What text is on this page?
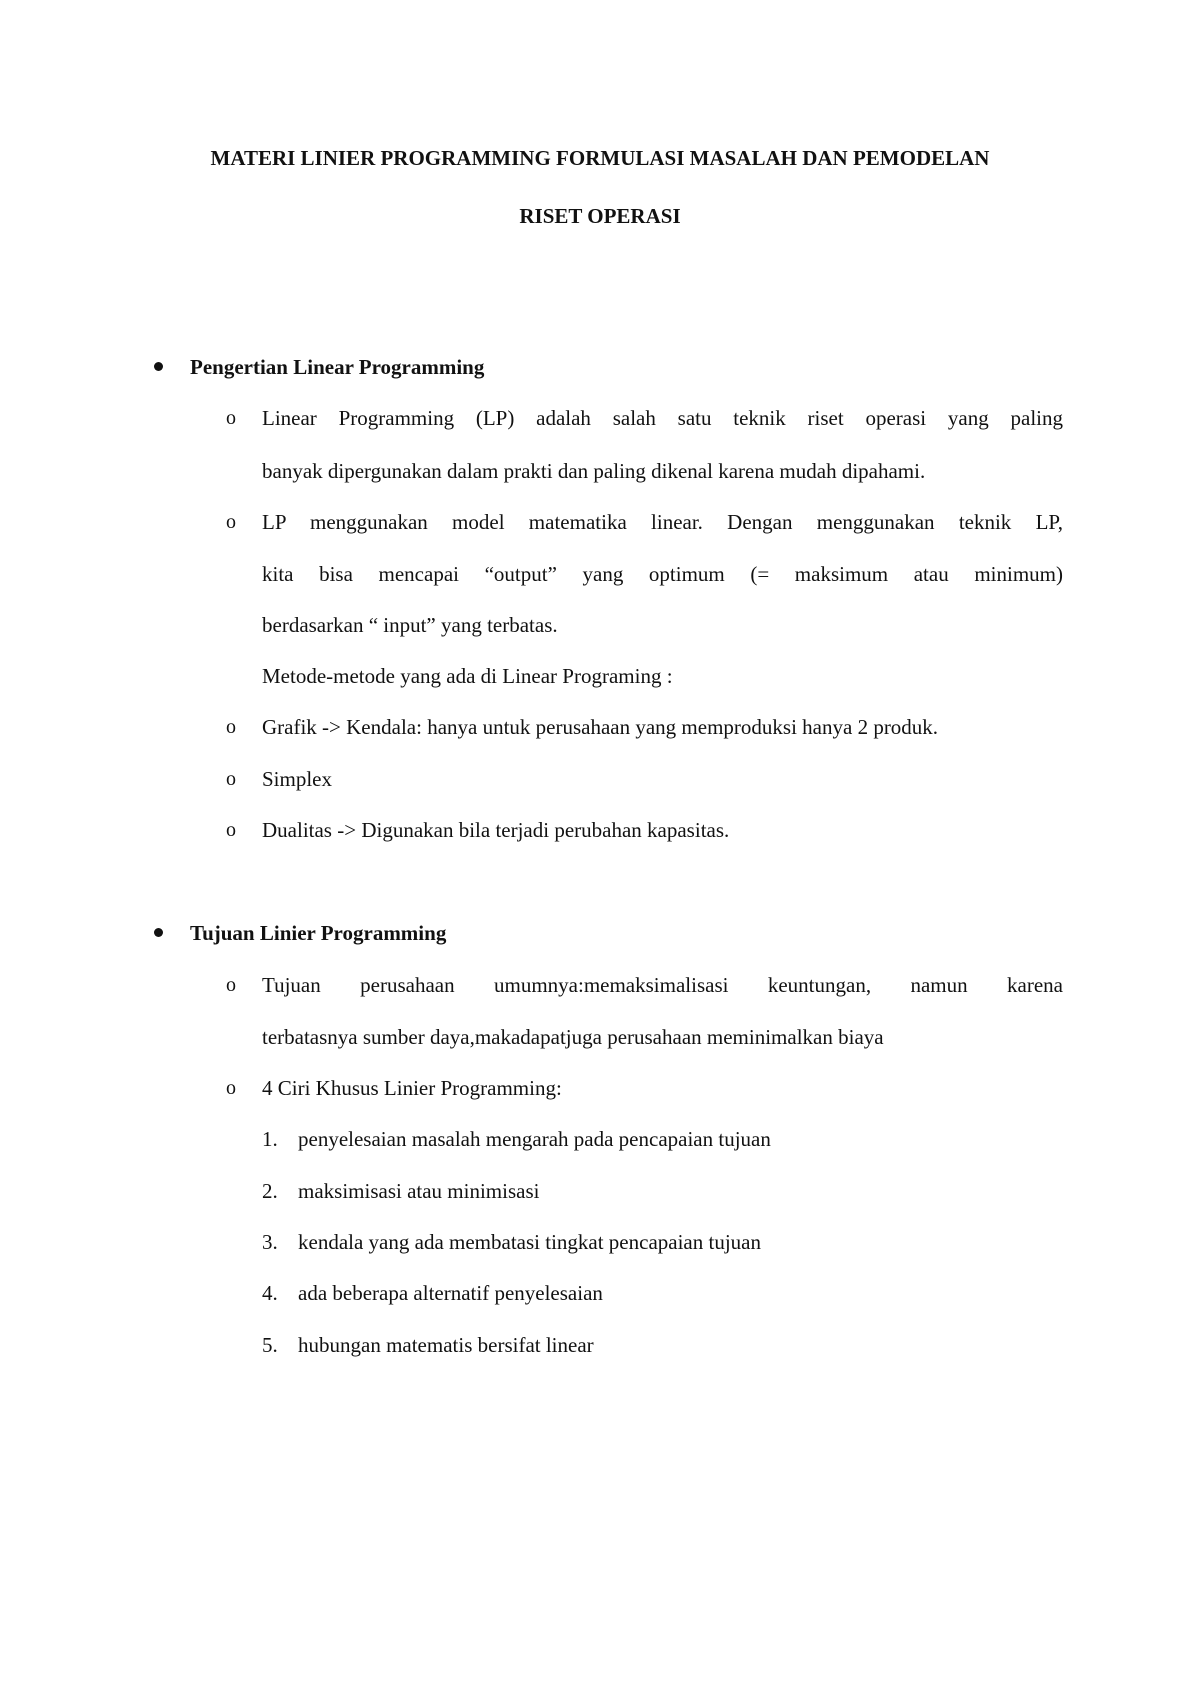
MATERI LINIER PROGRAMMING FORMULASI MASALAH DAN PEMODELAN

RISET OPERASI

Pengertian Linear Programming
o Linear Programming (LP) adalah salah satu teknik riset operasi yang paling
banyak dipergunakan dalam prakti dan paling dikenal karena mudah dipahami.
o LP menggunakan model matematika linear. Dengan menggunakan teknik LP,
kita bisa mencapai “output” yang optimum (= maksimum atau minimum)
berdasarkan “ input” yang terbatas.
Metode-metode yang ada di Linear Programing :
o Grafik -> Kendala: hanya untuk perusahaan yang memproduksi hanya 2 produk.
o Simplex
o Dualitas -> Digunakan bila terjadi perubahan kapasitas.
Tujuan Linier Programming
o Tujuan perusahaan umumnya:memaksimalisasi keuntungan, namun karena
terbatasnya sumber daya,makadapatjuga perusahaan meminimalkan biaya
o 4 Ciri Khusus Linier Programming:
1. penyelesaian masalah mengarah pada pencapaian tujuan
2. maksimisasi atau minimisasi
3. kendala yang ada membatasi tingkat pencapaian tujuan
4. ada beberapa alternatif penyelesaian
5. hubungan matematis bersifat linear
